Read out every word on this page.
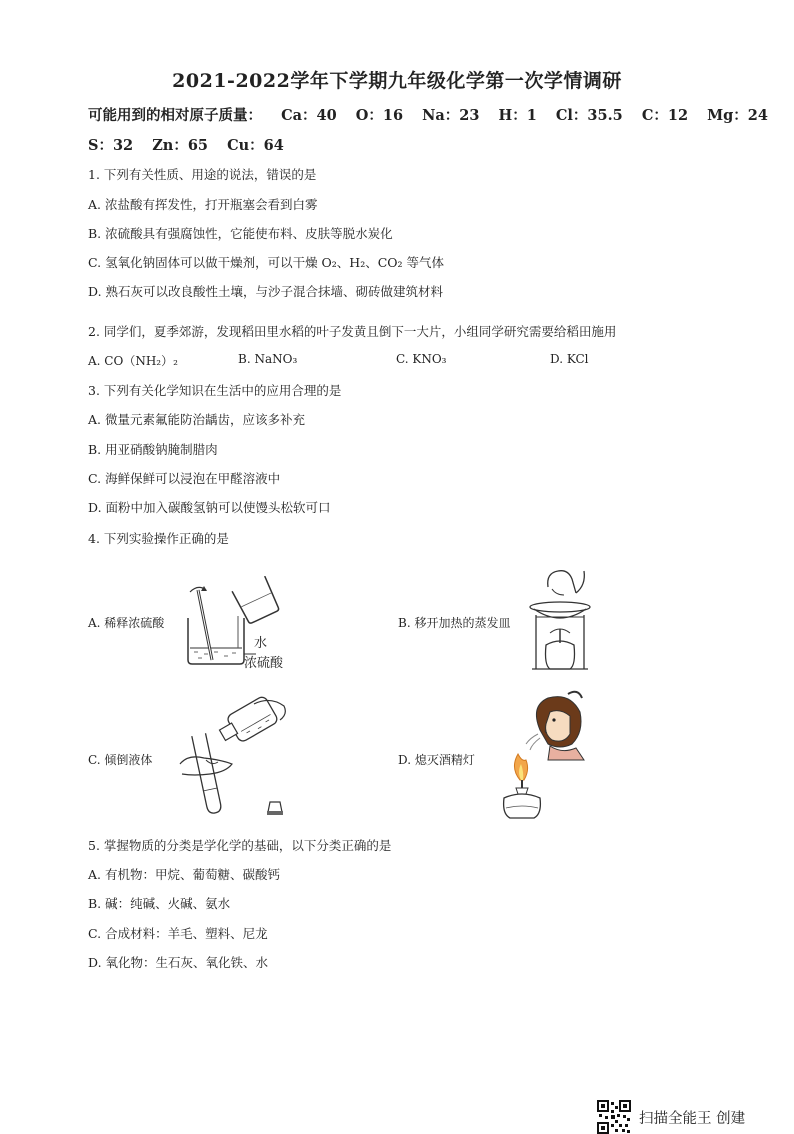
2021-2022学年下学期九年级化学第一次学情调研
可能用到的相对原子质量： Ca：40 O：16 Na：23 H：1 Cl：35.5 C：12 Mg：24
S：32 Zn：65 Cu：64
1. 下列有关性质、用途的说法，错误的是
A. 浓盐酸有挥发性，打开瓶塞会看到白雾
B. 浓硫酸具有强腐蚀性，它能使布料、皮肤等脱水炭化
C. 氢氧化钠固体可以做干燥剂，可以干燥 O₂、H₂、CO₂ 等气体
D. 熟石灰可以改良酸性土壤，与沙子混合抹墙、砌砖做建筑材料
2. 同学们，夏季郊游，发现稻田里水稻的叶子发黄且倒下一大片，小组同学研究需要给稻田施用
A. CO（NH₂）₂	B. NaNO₃	C. KNO₃	D. KCl
3. 下列有关化学知识在生活中的应用合理的是
A. 微量元素氟能防治龋齿，应该多补充
B. 用亚硝酸钠腌制腊肉
C. 海鲜保鲜可以浸泡在甲醛溶液中
D. 面粉中加入碳酸氢钠可以使馒头松软可口
4. 下列实验操作正确的是
A. 稀释浓硫酸
水
浓硫酸
B. 移开加热的蒸发皿
C. 倾倒液体	D. 熄灭酒精灯
5. 掌握物质的分类是学化学的基础，以下分类正确的是
A. 有机物：甲烷、葡萄糖、碳酸钙
B. 碱：纯碱、火碱、氨水
C. 合成材料：羊毛、塑料、尼龙
D. 氧化物：生石灰、氧化铁、水
扫描全能王 创建
